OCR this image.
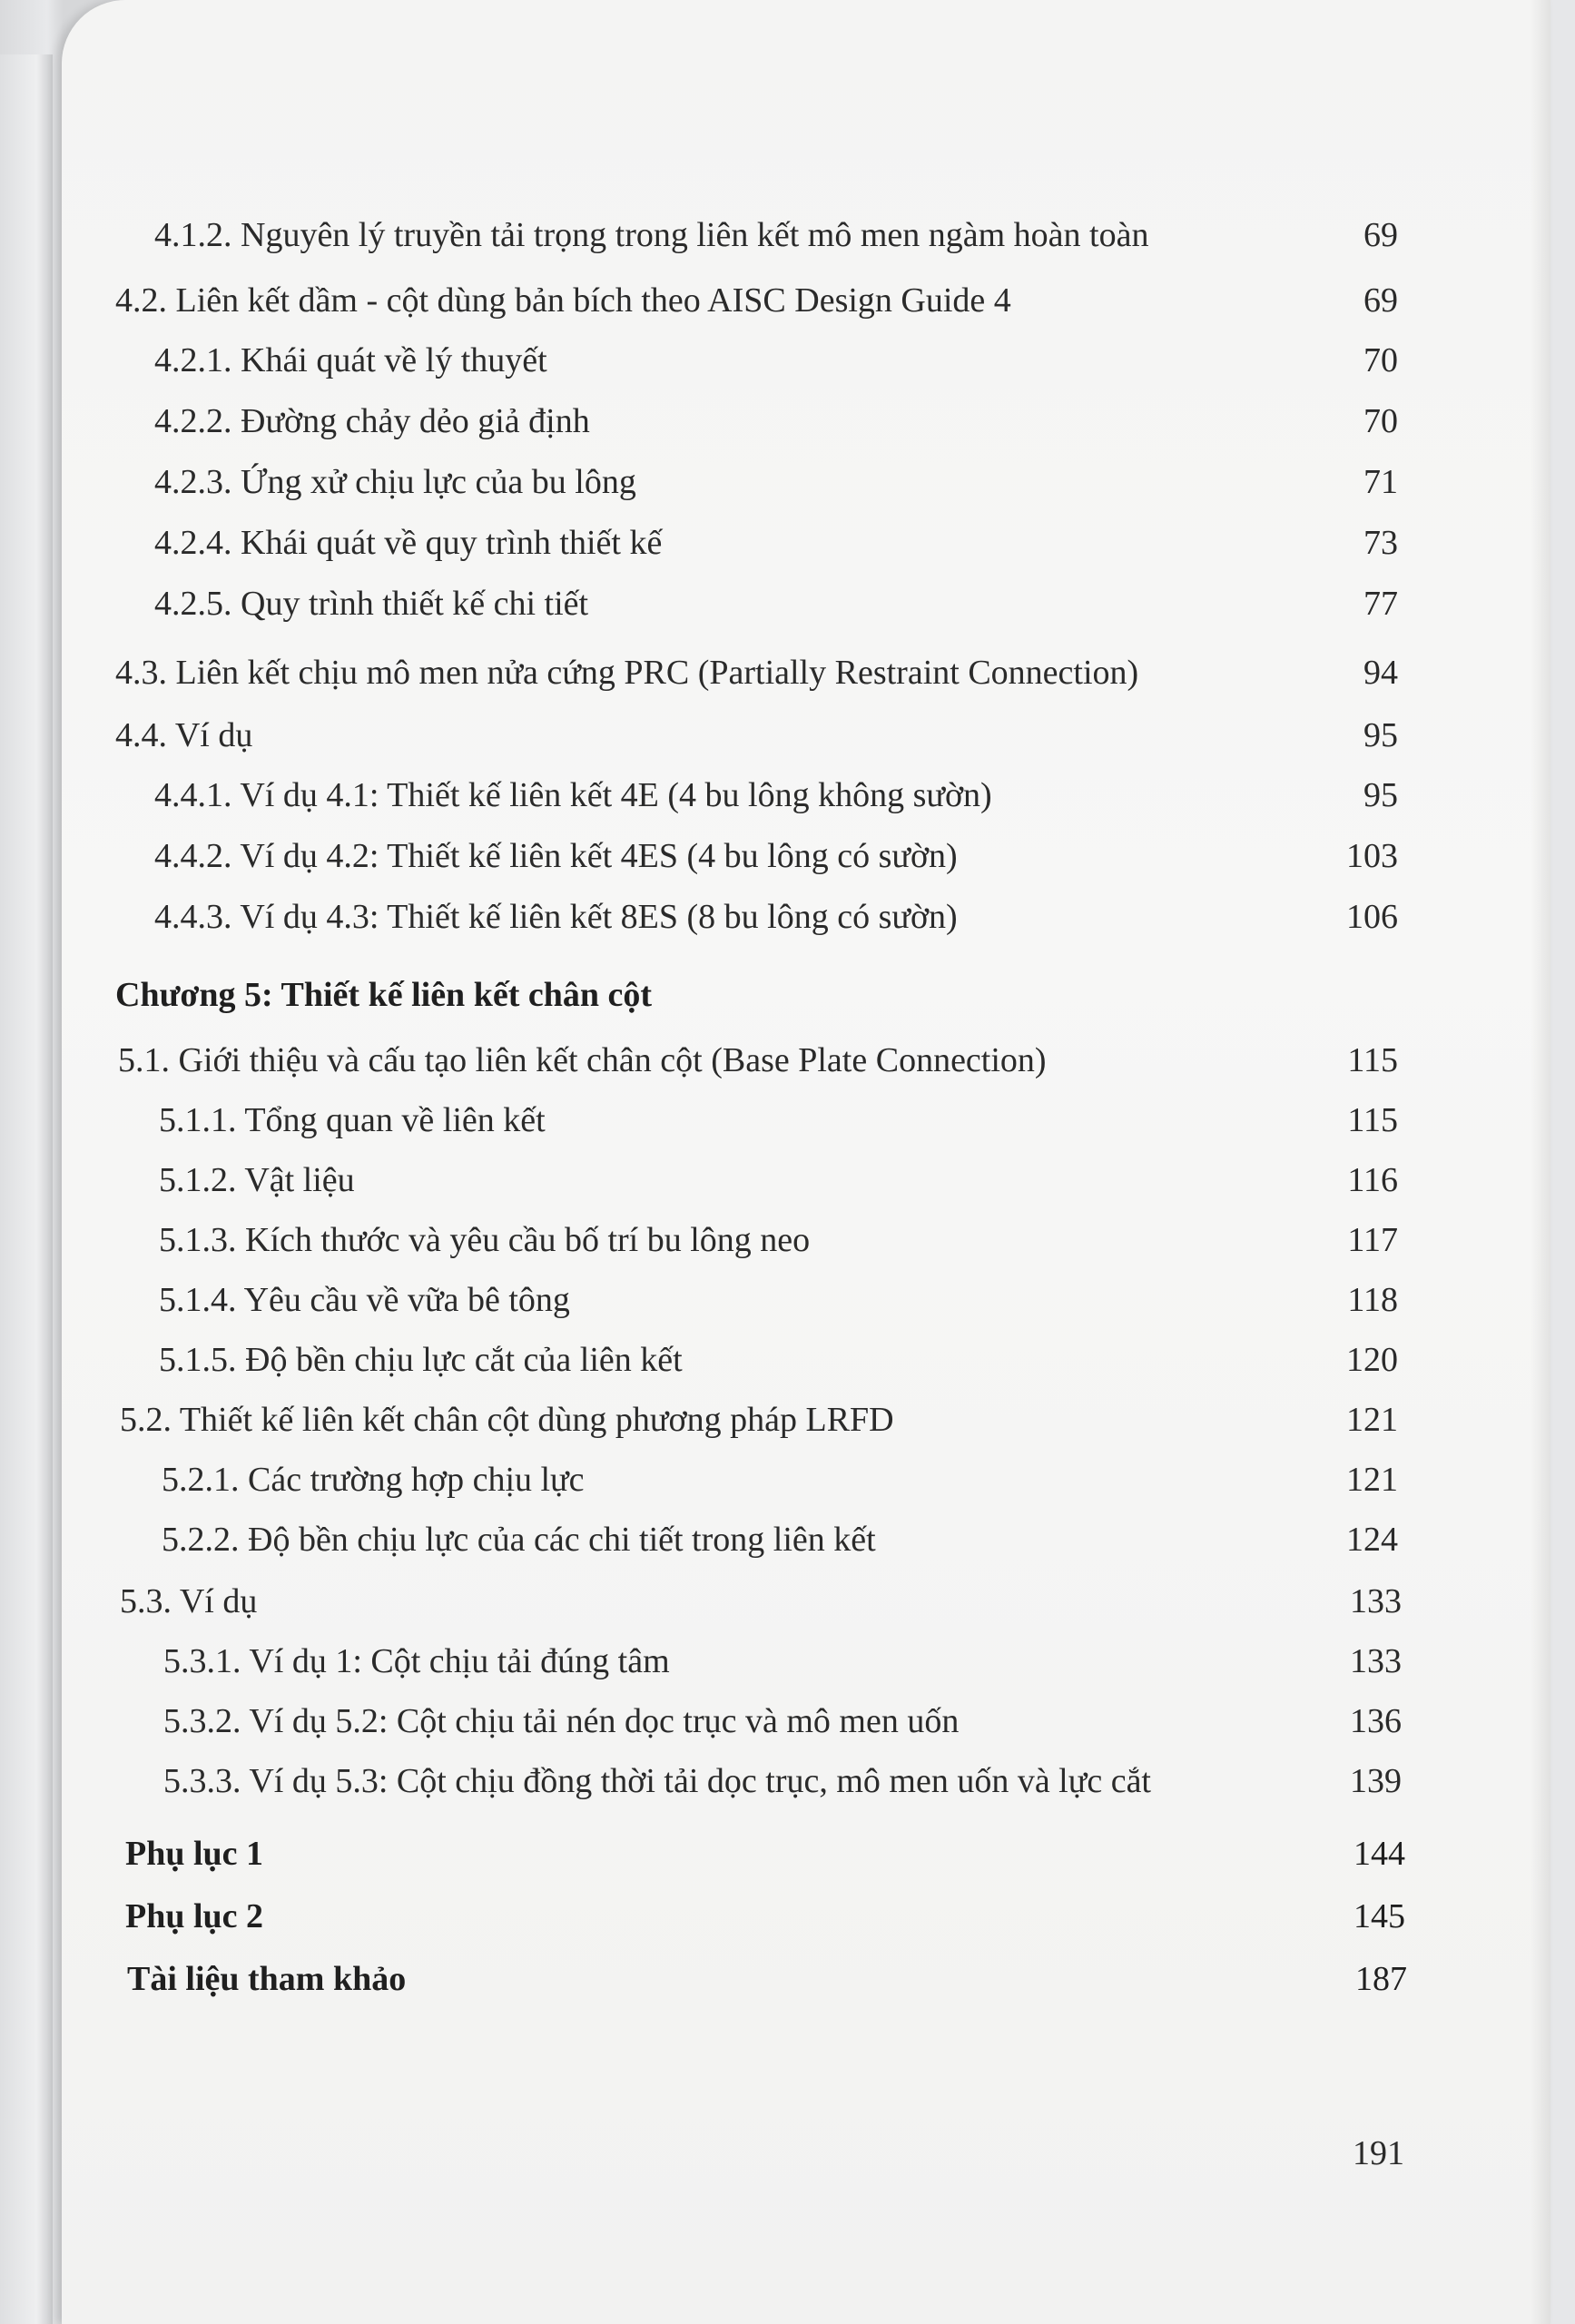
4.1.2. Nguyên lý truyền tải trọng trong liên kết mô men ngàm hoàn toàn	69
4.2. Liên kết dầm - cột dùng bản bích theo AISC Design Guide 4	69
4.2.1. Khái quát về lý thuyết	70
4.2.2. Đường chảy dẻo giả định	70
4.2.3. Ứng xử chịu lực của bu lông	71
4.2.4. Khái quát về quy trình thiết kế	73
4.2.5. Quy trình thiết kế chi tiết	77
4.3. Liên kết chịu mô men nửa cứng PRC (Partially Restraint Connection)	94
4.4. Ví dụ	95
4.4.1. Ví dụ 4.1: Thiết kế liên kết 4E (4 bu lông không sườn)	95
4.4.2. Ví dụ 4.2: Thiết kế liên kết 4ES (4 bu lông có sườn)	103
4.4.3. Ví dụ 4.3: Thiết kế liên kết 8ES (8 bu lông có sườn)	106
Chương 5: Thiết kế liên kết chân cột
5.1. Giới thiệu và cấu tạo liên kết chân cột (Base Plate Connection)	115
5.1.1. Tổng quan về liên kết	115
5.1.2. Vật liệu	116
5.1.3. Kích thước và yêu cầu bố trí bu lông neo	117
5.1.4. Yêu cầu về vữa bê tông	118
5.1.5. Độ bền chịu lực cắt của liên kết	120
5.2. Thiết kế liên kết chân cột dùng phương pháp LRFD	121
5.2.1. Các trường hợp chịu lực	121
5.2.2. Độ bền chịu lực của các chi tiết trong liên kết	124
5.3. Ví dụ	133
5.3.1. Ví dụ 1: Cột chịu tải đúng tâm	133
5.3.2. Ví dụ 5.2: Cột chịu tải nén dọc trục và mô men uốn	136
5.3.3. Ví dụ 5.3: Cột chịu đồng thời tải dọc trục, mô men uốn và lực cắt	139
Phụ lục 1	144
Phụ lục 2	145
Tài liệu tham khảo	187
191
